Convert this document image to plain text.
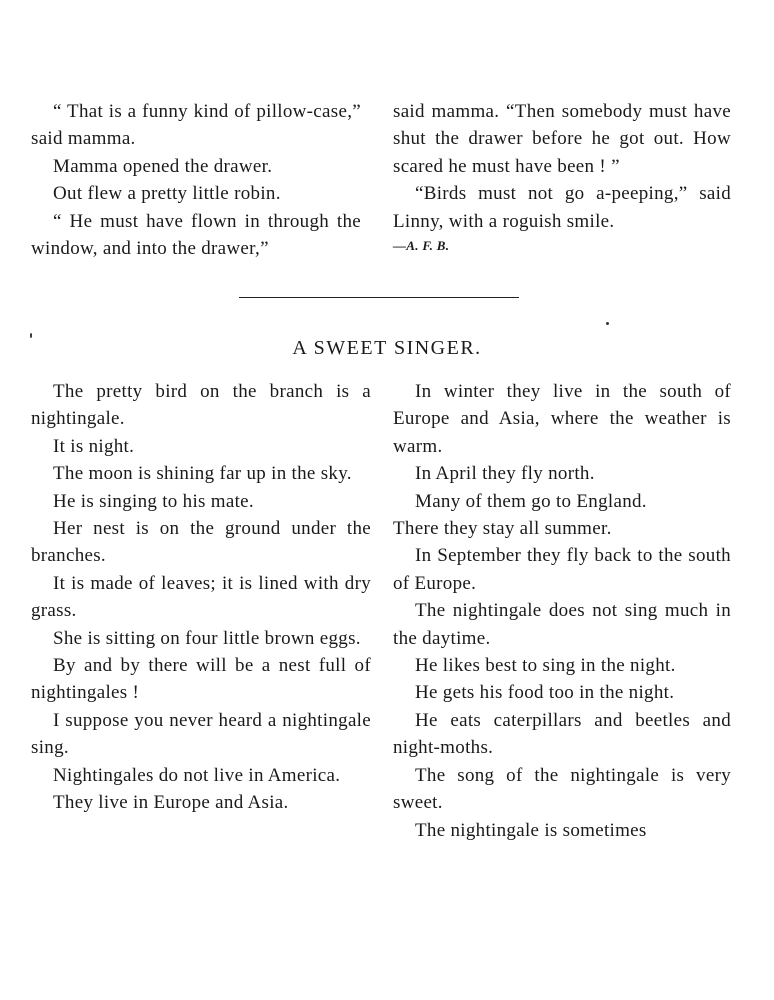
“ That is a funny kind of pillow-case,” said mamma.

Mamma opened the drawer.

Out flew a pretty little robin.

“ He must have flown in through the window, and into the drawer,”

said mamma. “Then somebody must have shut the drawer before he got out. How scared he must have been ! ”

“Birds must not go a-peeping,” said Linny, with a roguish smile.

—A. F. B.

A SWEET SINGER.

The pretty bird on the branch is a nightingale.

It is night.

The moon is shining far up in the sky.

He is singing to his mate.

Her nest is on the ground under the branches.

It is made of leaves; it is lined with dry grass.

She is sitting on four little brown eggs.

By and by there will be a nest full of nightingales !

I suppose you never heard a nightingale sing.

Nightingales do not live in America.

They live in Europe and Asia.

In winter they live in the south of Europe and Asia, where the weather is warm.

In April they fly north.

Many of them go to England.

There they stay all summer.

In September they fly back to the south of Europe.

The nightingale does not sing much in the daytime.

He likes best to sing in the night.

He gets his food too in the night.

He eats caterpillars and beetles and night-moths.

The song of the nightingale is very sweet.

The nightingale is sometimes
